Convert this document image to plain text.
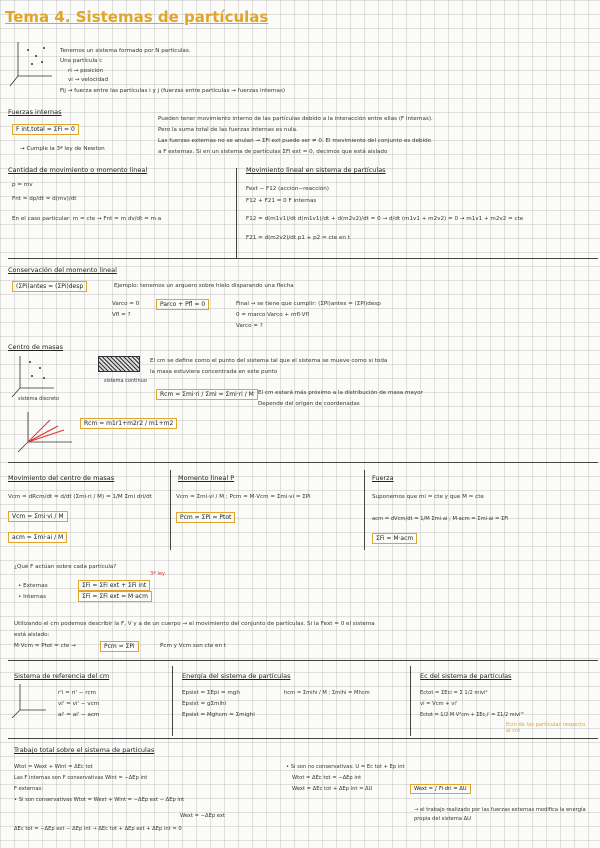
Tema 4. Sistemas de partículas
Tenemos un sistema formado por N partículas.
Una partícula i:
ri → posición
vi → velocidad
Fij → fuerza entre las partículas i y j (fuerzas entre partículas → fuerzas internas)
Fuerzas internas
F int,total = ΣFi = 0
→ Cumple la 3ª ley de Newton
Pueden tener movimiento interno de las partículas debido a la interacción entre ellas (F internas).
Pero la suma total de las fuerzas internas es nula.
Las fuerzas externas no se anulan → ΣFi ext puede ser ≠ 0. El movimiento del conjunto es debido
a F externas. Si en un sistema de partículas ΣFi ext = 0, decimos que está aislado
Cantidad de movimiento o momento lineal
p = mv
Fnt = dp/dt = d(mv)/dt
En el caso particular: m = cte → Fnt = m dv/dt = m·a
Movimiento lineal en sistema de partículas
Fext − F12 (acción−reacción)
F12 + F21 = 0 F internas
F12 = d(m1v1)/dt d(m1v1)/dt + d(m2v2)/dt = 0 → d/dt (m1v1 + m2v2) = 0 → m1v1 + m2v2 = cte
F21 = d(m2v2)/dt p1 + p2 = cte en t
Conservación del momento lineal
(ΣPi)antes = (ΣPi)desp	Ejemplo: tenemos un arquero sobre hielo disparando una flecha
Varco = 0
Vfl = ?
Parco + Pfl = 0	Final → se tiene que cumplir: (ΣPi)antes = (ΣPi)desp
0 = marco·Varco + mfl·Vfl
Varco = ?
Centro de masas
sistema discreto
sistema continuo
El cm se define como el punto del sistema tal que el sistema se mueve como si toda
la masa estuviera concentrada en este punto
Rcm = Σmi·ri / Σmi = Σmi·ri / M El cm estará más próximo a la distribución de masa mayor
Depende del origen de coordenadas
Rcm = m1r1+m2r2 / m1+m2
Movimiento del centro de masas
Vcm = dRcm/dt = d/dt (Σmi·ri / M) = 1/M Σmi dri/dt
Vcm = Σmi·vi / M
acm = Σmi·ai / M
Momento lineal P
Vcm = Σmi·vi / M ; Pcm = M·Vcm = Σmi·vi = ΣPi
Pcm = ΣPi = Ptot
Fuerza
Suponemos que mi = cte y que M = cte
acm = dVcm/dt = 1/M Σmi·ai ; M·acm = Σmi·ai = ΣFi
ΣFi = M·acm
¿Qué F actúan sobre cada partícula?
• Externas
• Internas
ΣFi = ΣFi ext + ΣFi int
ΣFi = ΣFi ext = M·acm
3ª ley
Utilizando el cm podemos describir la F, V y a de un cuerpo → el movimiento del conjunto de partículas. Si la Fext = 0 el sistema
está aislado:
M·Vcm = Ptot = cte →	Pcm = ΣPi	Pcm y Vcm son cte en t
Sistema de referencia del cm
r'i = ri' − rcm
vi' = vi' − vcm
ai' = ai' − acm
Energía del sistema de partículas
Epsist = ΣEpi = mgh
Epsist = gΣmihi
Epsist = Mghcm = Σmighi
hcm = Σmihi / M ; Σmihi = Mhcm
Ec del sistema de partículas
Ectot = ΣEci = Σ 1/2 mivi²
vi = Vcm + vi'
Ectot = 1/2 M V²cm + ΣEc,i' = Σ1/2 mivi'²
Ecin de las partículas respecto al cm
Trabajo total sobre el sistema de partículas
Wtot = Wext + Wint = ΔEc tot
Las F internas son F conservativas Wint = −ΔEp int
F externas:
• Si son conservativas Wtot = Wext + Wint = −ΔEp ext − ΔEp int
Wext = −ΔEp ext
ΔEc tot = −ΔEp ext − ΔEp int → ΔEc tot + ΔEp ext + ΔEp int = 0
• Si son no conservativas: U = Ec tot + Ep int
Wtot = ΔEc tot = −ΔEp int
Wext = ΔEc tot + ΔEp int = ΔU	Wext = ∫ Fi·dri = ΔU
→ el trabajo realizado por las fuerzas externas modifica la energía propia del sistema ΔU
